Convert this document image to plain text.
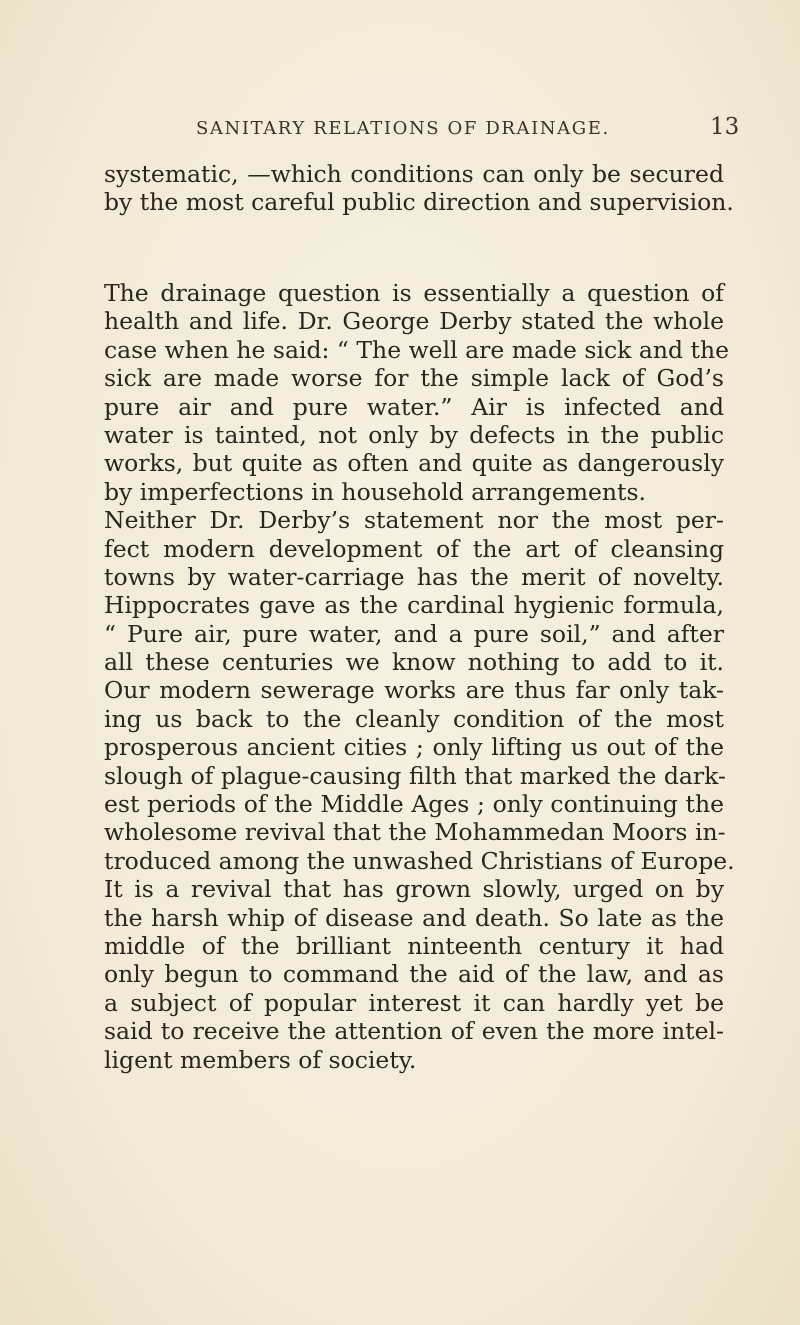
SANITARY RELATIONS OF DRAINAGE.	13
systematic, —which conditions can only be secured
by the most careful public direction and supervision.
The drainage question is essentially a question of
health and life. Dr. George Derby stated the whole
case when he said: “ The well are made sick and the
sick are made worse for the simple lack of God’s
pure air and pure water.” Air is infected and
water is tainted, not only by defects in the public
works, but quite as often and quite as dangerously
by imperfections in household arrangements.
Neither Dr. Derby’s statement nor the most per-
fect modern development of the art of cleansing
towns by water-carriage has the merit of novelty.
Hippocrates gave as the cardinal hygienic formula,
“ Pure air, pure water, and a pure soil,” and after
all these centuries we know nothing to add to it.
Our modern sewerage works are thus far only tak-
ing us back to the cleanly condition of the most
prosperous ancient cities ; only lifting us out of the
slough of plague-causing filth that marked the dark-
est periods of the Middle Ages ; only continuing the
wholesome revival that the Mohammedan Moors in-
troduced among the unwashed Christians of Europe.
It is a revival that has grown slowly, urged on by
the harsh whip of disease and death. So late as the
middle of the brilliant ninteenth century it had
only begun to command the aid of the law, and as
a subject of popular interest it can hardly yet be
said to receive the attention of even the more intel-
ligent members of society.
